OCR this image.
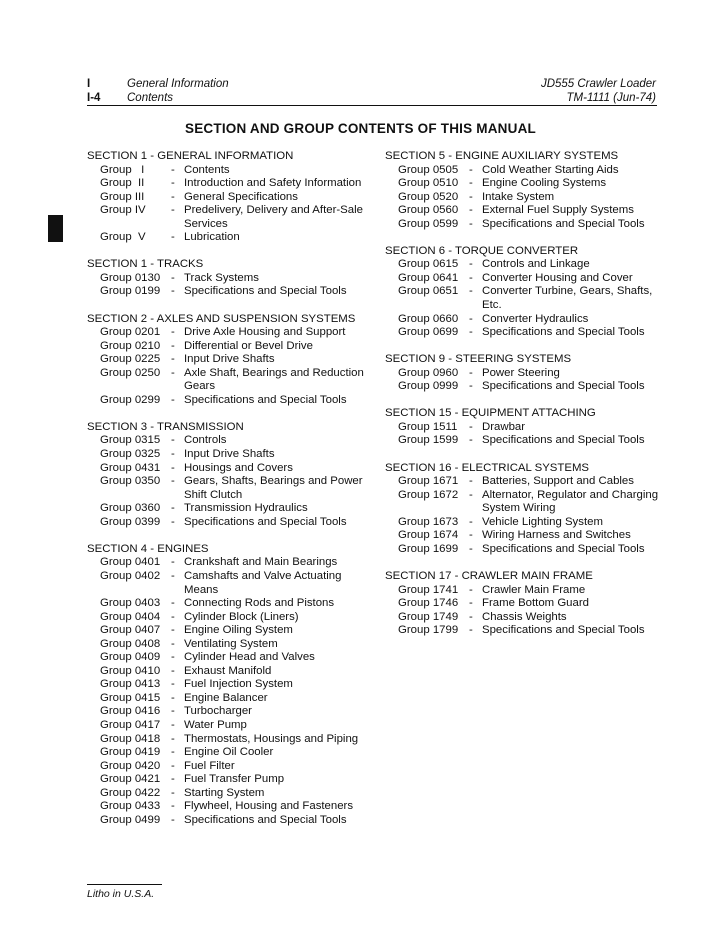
I	General Information
I-4 Contents
JD555 Crawler Loader
TM-1111 (Jun-74)
SECTION AND GROUP CONTENTS OF THIS MANUAL
SECTION 1 - GENERAL INFORMATION
Group   I	- Contents
Group  II	- Introduction and Safety Information
Group III	- General Specifications
Group IV	- Predelivery, Delivery and After-Sale Services
Group  V	- Lubrication
SECTION 1 - TRACKS
Group 0130 - Track Systems
Group 0199 - Specifications and Special Tools
SECTION 2 - AXLES AND SUSPENSION SYSTEMS
Group 0201 - Drive Axle Housing and Support
Group 0210 - Differential or Bevel Drive
Group 0225 - Input Drive Shafts
Group 0250 - Axle Shaft, Bearings and Reduction Gears
Group 0299 - Specifications and Special Tools
SECTION 3 - TRANSMISSION
Group 0315 - Controls
Group 0325 - Input Drive Shafts
Group 0431 - Housings and Covers
Group 0350 - Gears, Shafts, Bearings and Power Shift Clutch
Group 0360 - Transmission Hydraulics
Group 0399 - Specifications and Special Tools
SECTION 4 - ENGINES
Group 0401 - Crankshaft and Main Bearings
Group 0402 - Camshafts and Valve Actuating Means
Group 0403 - Connecting Rods and Pistons
Group 0404 - Cylinder Block (Liners)
Group 0407 - Engine Oiling System
Group 0408 - Ventilating System
Group 0409 - Cylinder Head and Valves
Group 0410 - Exhaust Manifold
Group 0413 - Fuel Injection System
Group 0415 - Engine Balancer
Group 0416 - Turbocharger
Group 0417 - Water Pump
Group 0418 - Thermostats, Housings and Piping
Group 0419 - Engine Oil Cooler
Group 0420 - Fuel Filter
Group 0421 - Fuel Transfer Pump
Group 0422 - Starting System
Group 0433 - Flywheel, Housing and Fasteners
Group 0499 - Specifications and Special Tools
SECTION 5 - ENGINE AUXILIARY SYSTEMS
Group 0505 - Cold Weather Starting Aids
Group 0510 - Engine Cooling Systems
Group 0520 - Intake System
Group 0560 - External Fuel Supply Systems
Group 0599 - Specifications and Special Tools
SECTION 6 - TORQUE CONVERTER
Group 0615 - Controls and Linkage
Group 0641 - Converter Housing and Cover
Group 0651 - Converter Turbine, Gears, Shafts, Etc.
Group 0660 - Converter Hydraulics
Group 0699 - Specifications and Special Tools
SECTION 9 - STEERING SYSTEMS
Group 0960 - Power Steering
Group 0999 - Specifications and Special Tools
SECTION 15 - EQUIPMENT ATTACHING
Group 1511	- Drawbar
Group 1599 - Specifications and Special Tools
SECTION 16 - ELECTRICAL SYSTEMS
Group 1671 - Batteries, Support and Cables
Group 1672 - Alternator, Regulator and Charging System Wiring
Group 1673 - Vehicle Lighting System
Group 1674 - Wiring Harness and Switches
Group 1699 - Specifications and Special Tools
SECTION 17 - CRAWLER MAIN FRAME
Group 1741 - Crawler Main Frame
Group 1746 - Frame Bottom Guard
Group 1749 - Chassis Weights
Group 1799 - Specifications and Special Tools
Litho in U.S.A.
